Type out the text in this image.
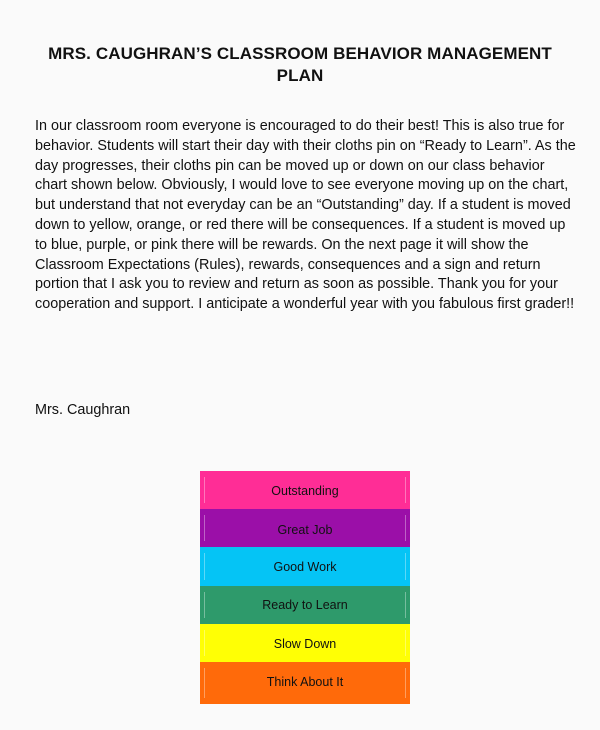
MRS. CAUGHRAN’S CLASSROOM BEHAVIOR MANAGEMENT PLAN

In our classroom room everyone is encouraged to do their best! This is also true for behavior. Students will start their day with their cloths pin on “Ready to Learn”. As the day progresses, their cloths pin can be moved up or down on our class behavior chart shown below. Obviously, I would love to see everyone moving up on the chart, but understand that not everyday can be an “Outstanding” day. If a student is moved down to yellow, orange, or red there will be consequences. If a student is moved up to blue, purple, or pink there will be rewards. On the next page it will show the Classroom Expectations (Rules), rewards, consequences and a sign and return portion that I ask you to review and return as soon as possible. Thank you for your cooperation and support. I anticipate a wonderful year with you fabulous first grader!!

Mrs. Caughran

Outstanding
Great Job
Good Work
Ready to Learn
Slow Down
Think About It
